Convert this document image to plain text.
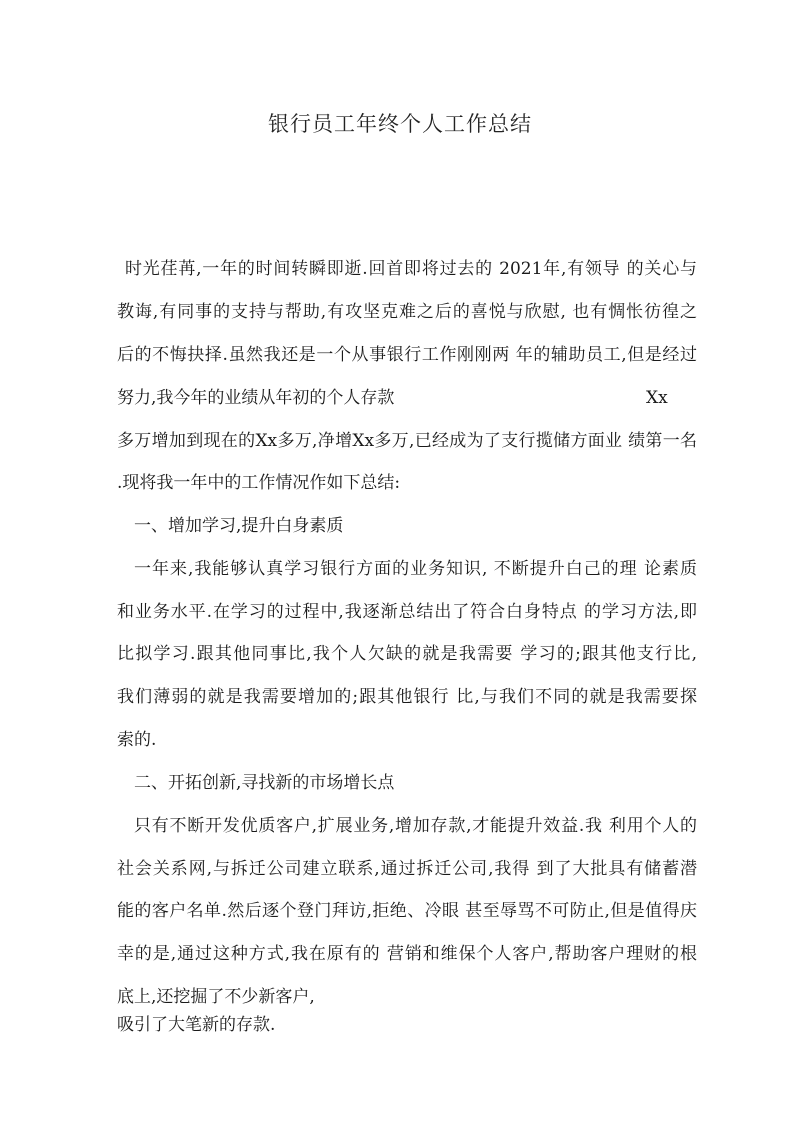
银行员工年终个人工作总结
时光荏苒,一年的时间转瞬即逝.回首即将过去的 2021年,有领导 的关心与
教诲,有同事的支持与帮助,有攻坚克难之后的喜悦与欣慰, 也有惆怅彷徨之
后的不悔抉择.虽然我还是一个从事银行工作刚刚两 年的辅助员工,但是经过
努力,我今年的业绩从年初的个人存款	Xx
多万增加到现在的Xx多万,净增Xx多万,已经成为了支行揽储方面业 绩第一名
.现将我一年中的工作情况作如下总结:
一、增加学习,提升白身素质
一年来,我能够认真学习银行方面的业务知识, 不断提升白己的理 论素质
和业务水平.在学习的过程中,我逐渐总结出了符合白身特点 的学习方法,即
比拟学习.跟其他同事比,我个人欠缺的就是我需要 学习的;跟其他支行比,
我们薄弱的就是我需要增加的;跟其他银行 比,与我们不同的就是我需要探
索的.
二、开拓创新,寻找新的市场增长点
只有不断开发优质客户,扩展业务,增加存款,才能提升效益.我 利用个人的
社会关系网,与拆迁公司建立联系,通过拆迁公司,我得 到了大批具有储蓄潜
能的客户名单.然后逐个登门拜访,拒绝、冷眼 甚至辱骂不可防止,但是值得庆
幸的是,通过这种方式,我在原有的 营销和维保个人客户,帮助客户理财的根
底上,还挖掘了不少新客户,
吸引了大笔新的存款.
